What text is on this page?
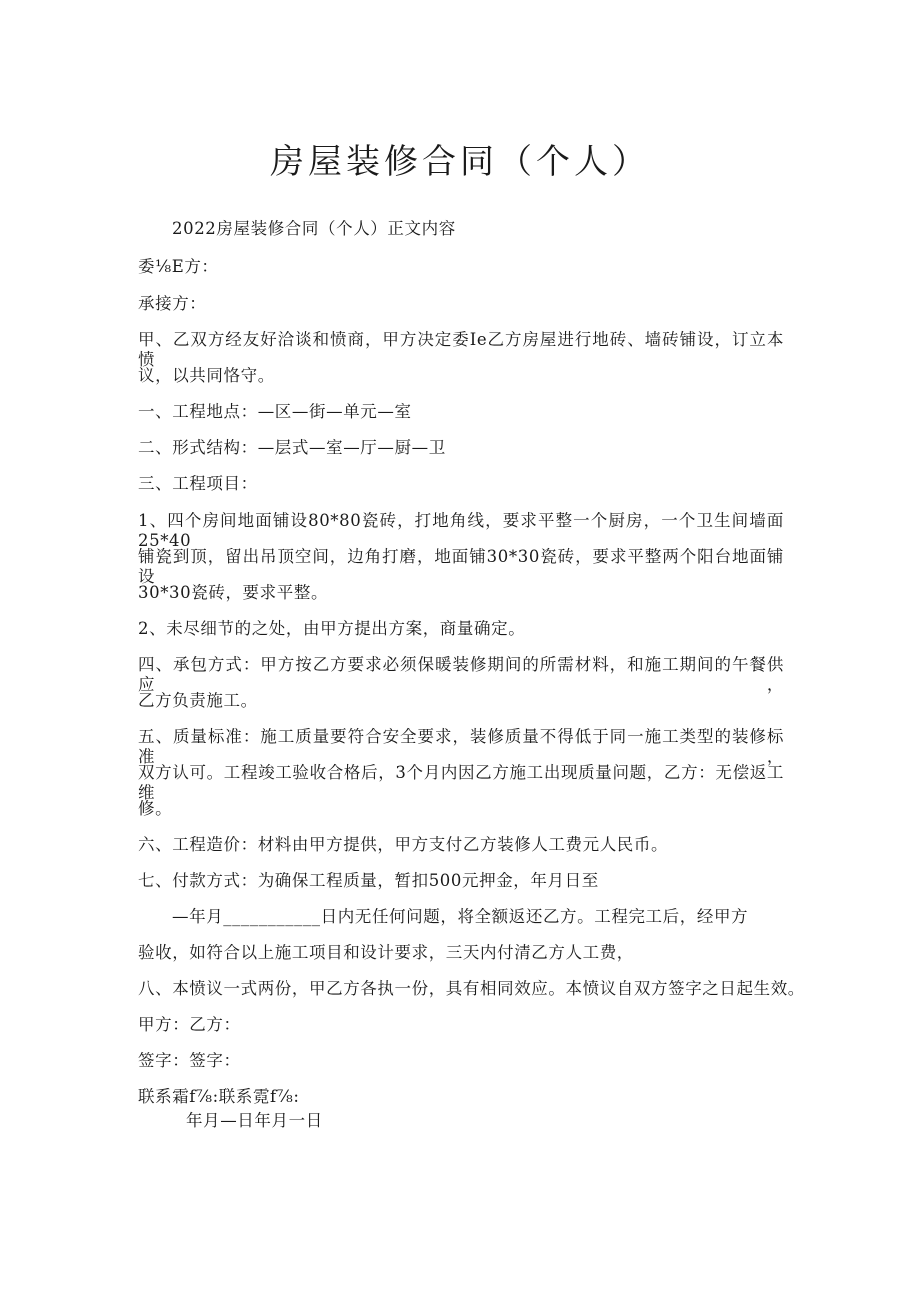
房屋装修合同（个人）
2022房屋装修合同（个人）正文内容
委⅛E方：
承接方：
甲、乙双方经友好洽谈和愤商，甲方决定委Ie乙方房屋进行地砖、墙砖铺设，订立本愤
议，以共同恪守。
一、工程地点：—区—街—单元—室
二、形式结构：—层式—室—厅—厨—卫
三、工程项目：
1、四个房间地面铺设80*80瓷砖，打地角线，要求平整一个厨房，一个卫生间墙面25*40
铺瓷到顶，留出吊顶空间，边角打磨，地面铺30*30瓷砖，要求平整两个阳台地面铺设
30*30瓷砖，要求平整。
2、未尽细节的之处，由甲方提出方案，商量确定。
四、承包方式：甲方按乙方要求必须保暖装修期间的所需材料，和施工期间的午餐供应，
乙方负责施工。
五、质量标准：施工质量要符合安全要求，装修质量不得低于同一施工类型的装修标准，
双方认可。工程竣工验收合格后，3个月内因乙方施工出现质量问题，乙方：无偿返工维
修。
六、工程造价：材料由甲方提供，甲方支付乙方装修人工费元人民币。
七、付款方式：为确保工程质量，暂扣500元押金，年月日至
—年月___________日内无任何问题，将全额返还乙方。工程完工后，经甲方
验收，如符合以上施工项目和设计要求，三天内付清乙方人工费，
八、本愤议一式两份，甲乙方各执一份，具有相同效应。本愤议自双方签字之日起生效。
甲方：乙方：
签字：签字：
联系霜f⅞:联系霓f⅞:
年月—日年月一日
